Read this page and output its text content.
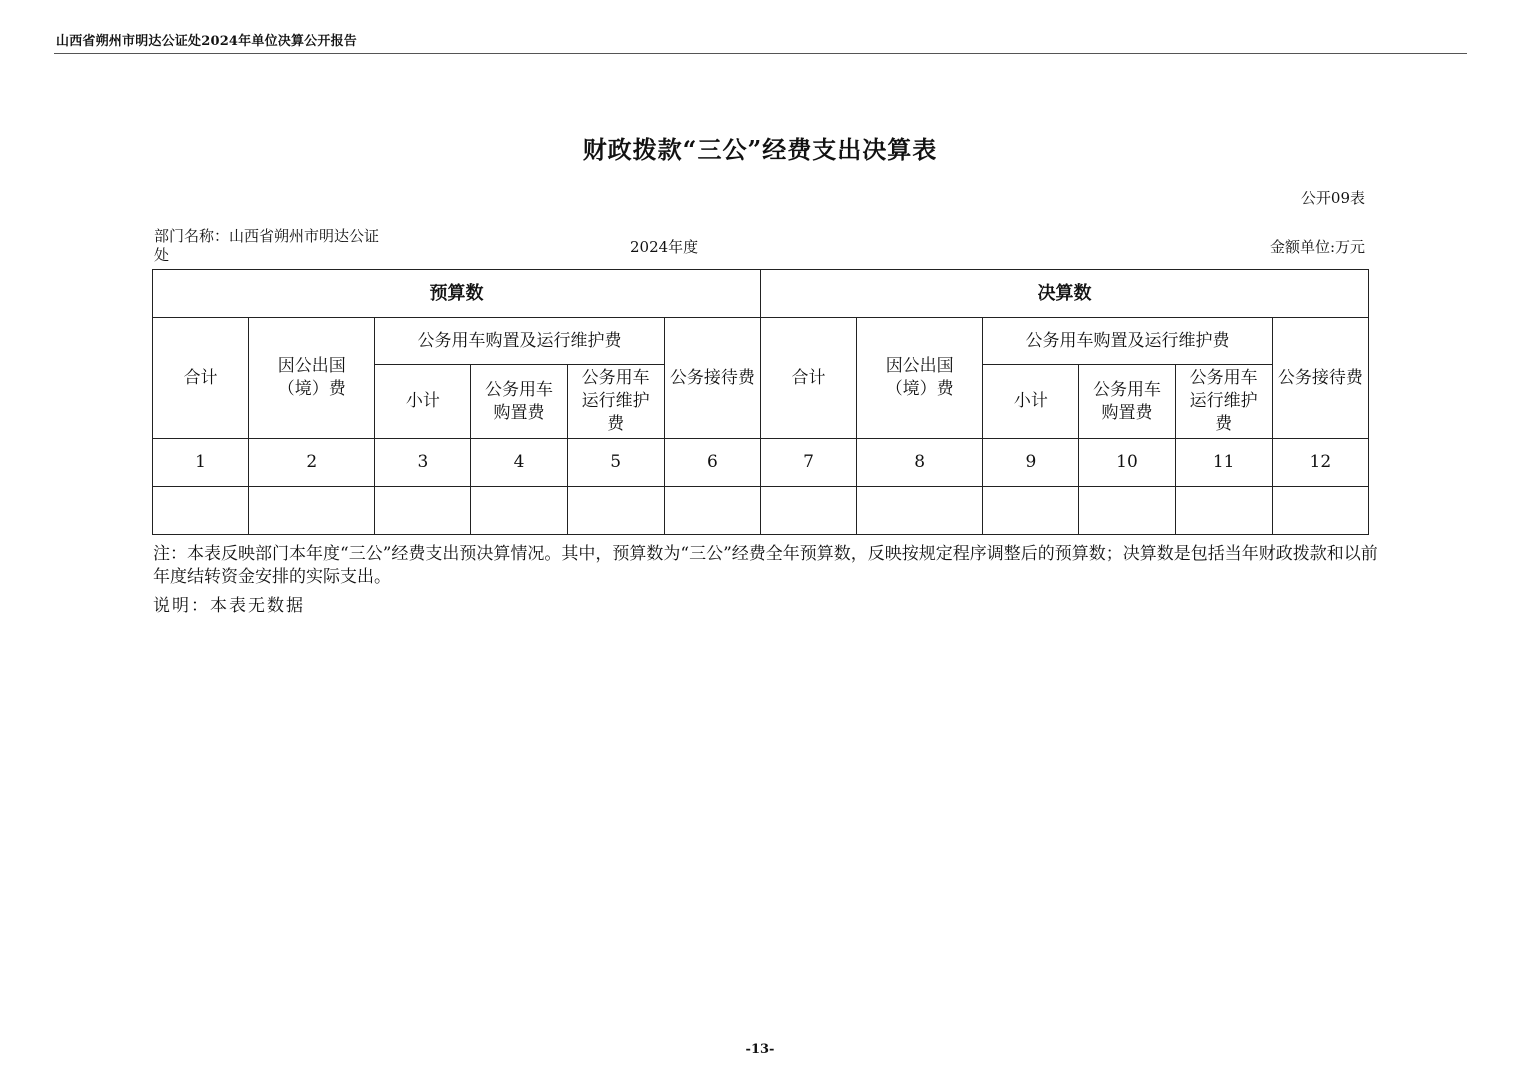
山西省朔州市明达公证处2024年单位决算公开报告
财政拨款“三公”经费支出决算表
公开09表
部门名称：山西省朔州市明达公证处	2024年度	金额单位:万元
预算数						决算数					
合计	因公出国（境）费	公务用车购置及运行维护费			公务接待费	合计	因公出国（境）费	公务用车购置及运行维护费			公务接待费
		小计	公务用车购置费	公务用车运行维护费				小计	公务用车购置费	公务用车运行维护费	
1	2	3	4	5	6	7	8	9	10	11	12

注：本表反映部门本年度“三公”经费支出预决算情况。其中，预算数为“三公”经费全年预算数，反映按规定程序调整后的预算数；决算数是包括当年财政拨款和以前年度结转资金安排的实际支出。
说明：本表无数据
-13-
